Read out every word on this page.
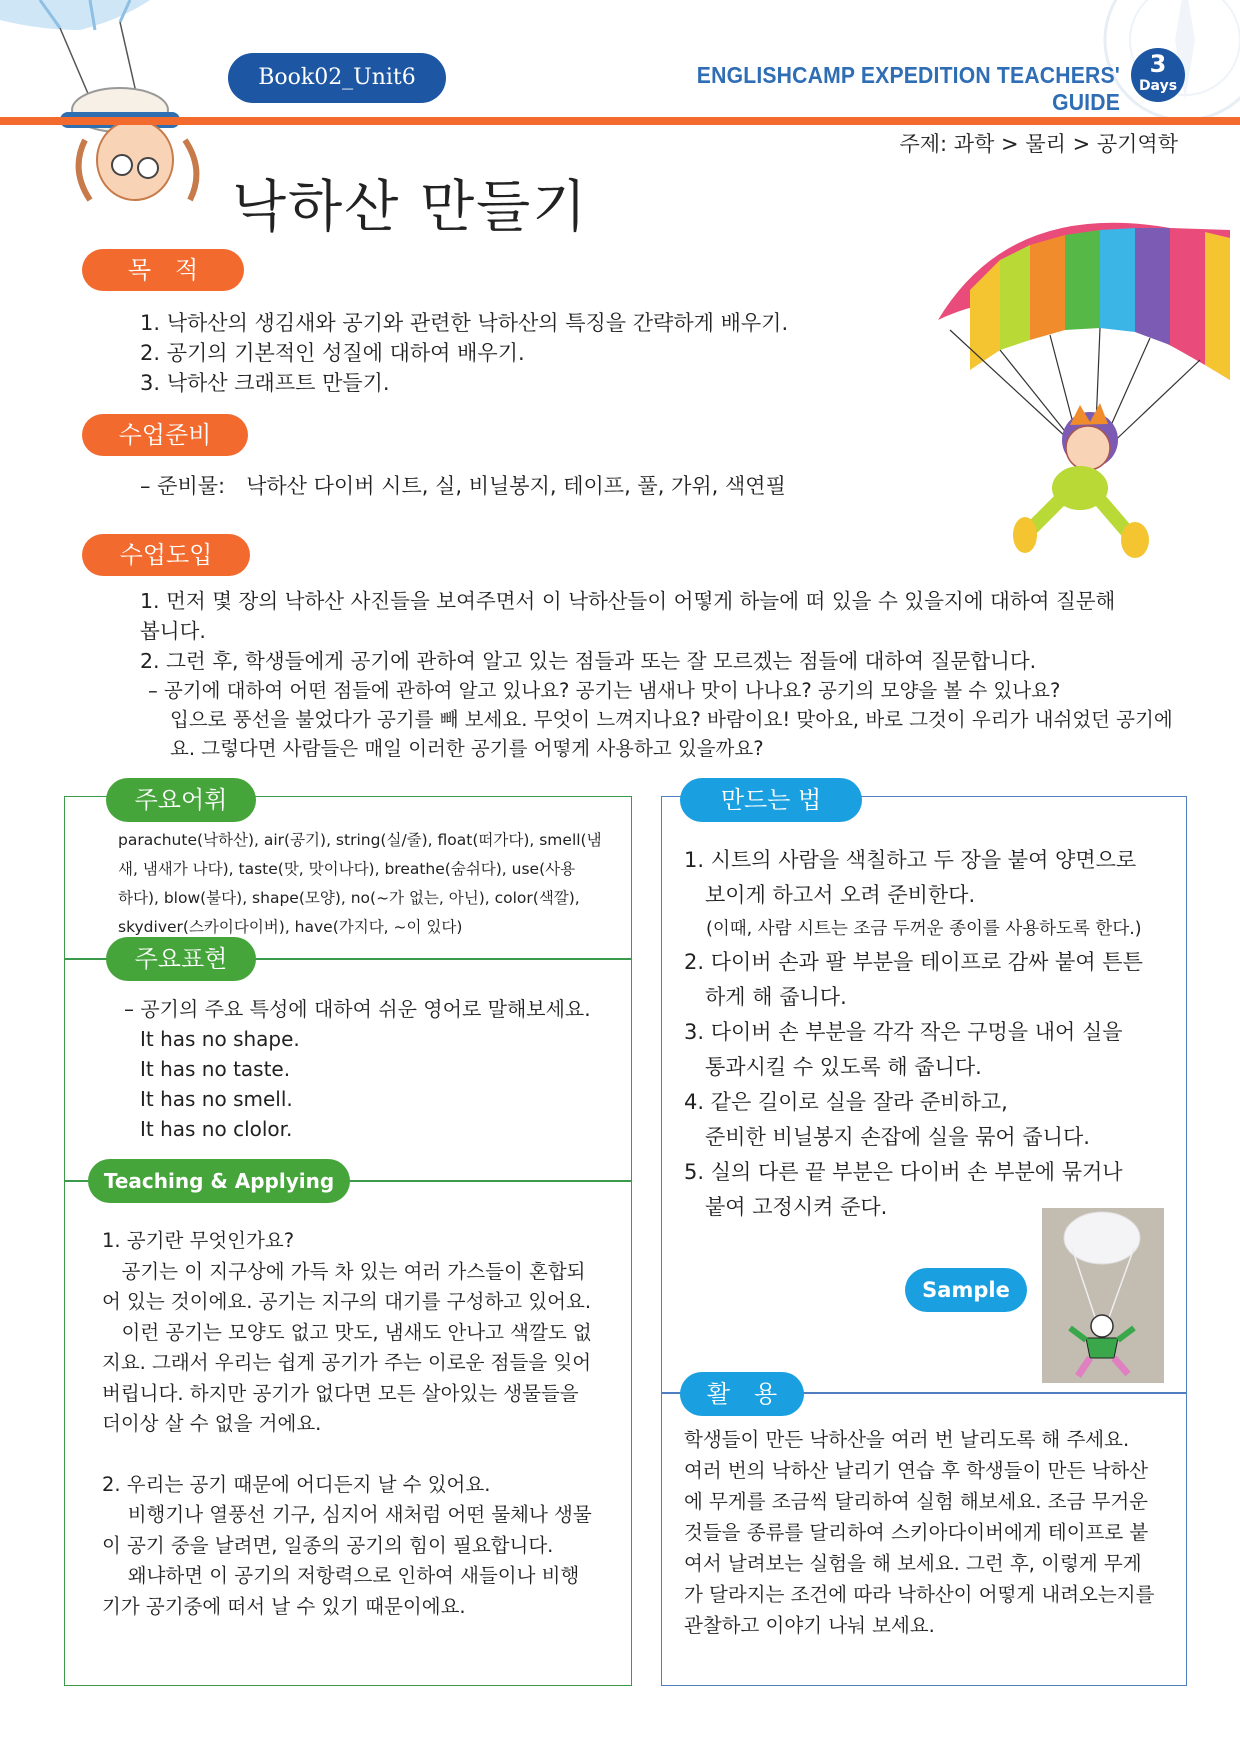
Book02_Unit6	ENGLISHCAMP EXPEDITION TEACHERS' GUIDE
3
Days
주제: 과학 > 물리 > 공기역학
낙하산 만들기
목　적

1. 낙하산의 생김새와 공기와 관련한 낙하산의 특징을 간략하게 배우기.

2. 공기의 기본적인 성질에 대하여 배우기.

3. 낙하산 크래프트 만들기.

수업준비
– 준비물:　낙하산 다이버 시트, 실, 비닐봉지, 테이프, 풀, 가위, 색연필
수업도입

1. 먼저 몇 장의 낙하산 사진들을 보여주면서 이 낙하산들이 어떻게 하늘에 떠 있을 수 있을지에 대하여 질문해

봅니다.

2. 그런 후, 학생들에게 공기에 관하여 알고 있는 점들과 또는 잘 모르겠는 점들에 대하여 질문합니다.

– 공기에 대하여 어떤 점들에 관하여 알고 있나요? 공기는 냄새나 맛이 나나요? 공기의 모양을 볼 수 있나요?

입으로 풍선을 불었다가 공기를 빼 보세요. 무엇이 느껴지나요? 바람이요! 맞아요, 바로 그것이 우리가 내쉬었던 공기에

요. 그렇다면 사람들은 매일 이러한 공기를 어떻게 사용하고 있을까요?

주요어휘
parachute(낙하산), air(공기), string(실/줄), float(떠가다), smell(냄
새, 냄새가 나다), taste(맛, 맛이나다), breathe(숨쉬다), use(사용
하다), blow(불다), shape(모양), no(~가 없는, 아닌), color(색깔),
skydiver(스카이다이버), have(가지다, ~이 있다)
주요표현

– 공기의 주요 특성에 대하여 쉬운 영어로 말해보세요.

It has no shape.

It has no taste.

It has no smell.

It has no clolor.

Teaching & Applying

1. 공기란 무엇인가요?

　공기는 이 지구상에 가득 차 있는 여러 가스들이 혼합되

어 있는 것이에요. 공기는 지구의 대기를 구성하고 있어요.

　이런 공기는 모양도 없고 맛도, 냄새도 안나고 색깔도 없

지요. 그래서 우리는 쉽게 공기가 주는 이로운 점들을 잊어

버립니다. 하지만 공기가 없다면 모든 살아있는 생물들을

더이상 살 수 없을 거에요.

2. 우리는 공기 때문에 어디든지 날 수 있어요.

　 비행기나 열풍선 기구, 심지어 새처럼 어떤 물체나 생물

이 공기 중을 날려면, 일종의 공기의 힘이 필요합니다.

　 왜냐하면 이 공기의 저항력으로 인하여 새들이나 비행

기가 공기중에 떠서 날 수 있기 때문이에요.

만드는 법

1. 시트의 사람을 색칠하고 두 장을 붙여 양면으로

　보이게 하고서 오려 준비한다.

(이때, 사람 시트는 조금 두꺼운 종이를 사용하도록 한다.)

2. 다이버 손과 팔 부분을 테이프로 감싸 붙여 튼튼

　하게 해 줍니다.

3. 다이버 손 부분을 각각 작은 구멍을 내어 실을

　통과시킬 수 있도록 해 줍니다.

4. 같은 길이로 실을 잘라 준비하고,

　준비한 비닐봉지 손잡에 실을 묶어 줍니다.

5. 실의 다른 끝 부분은 다이버 손 부분에 묶거나

　붙여 고정시켜 준다.

Sample
활　용
학생들이 만든 낙하산을 여러 번 날리도록 해 주세요.
여러 번의 낙하산 날리기 연습 후 학생들이 만든 낙하산
에 무게를 조금씩 달리하여 실험 해보세요. 조금 무거운
것들을 종류를 달리하여 스키아다이버에게 테이프로 붙
여서 날려보는 실험을 해 보세요. 그런 후, 이렇게 무게
가 달라지는 조건에 따라 낙하산이 어떻게 내려오는지를
관찰하고 이야기 나눠 보세요.
